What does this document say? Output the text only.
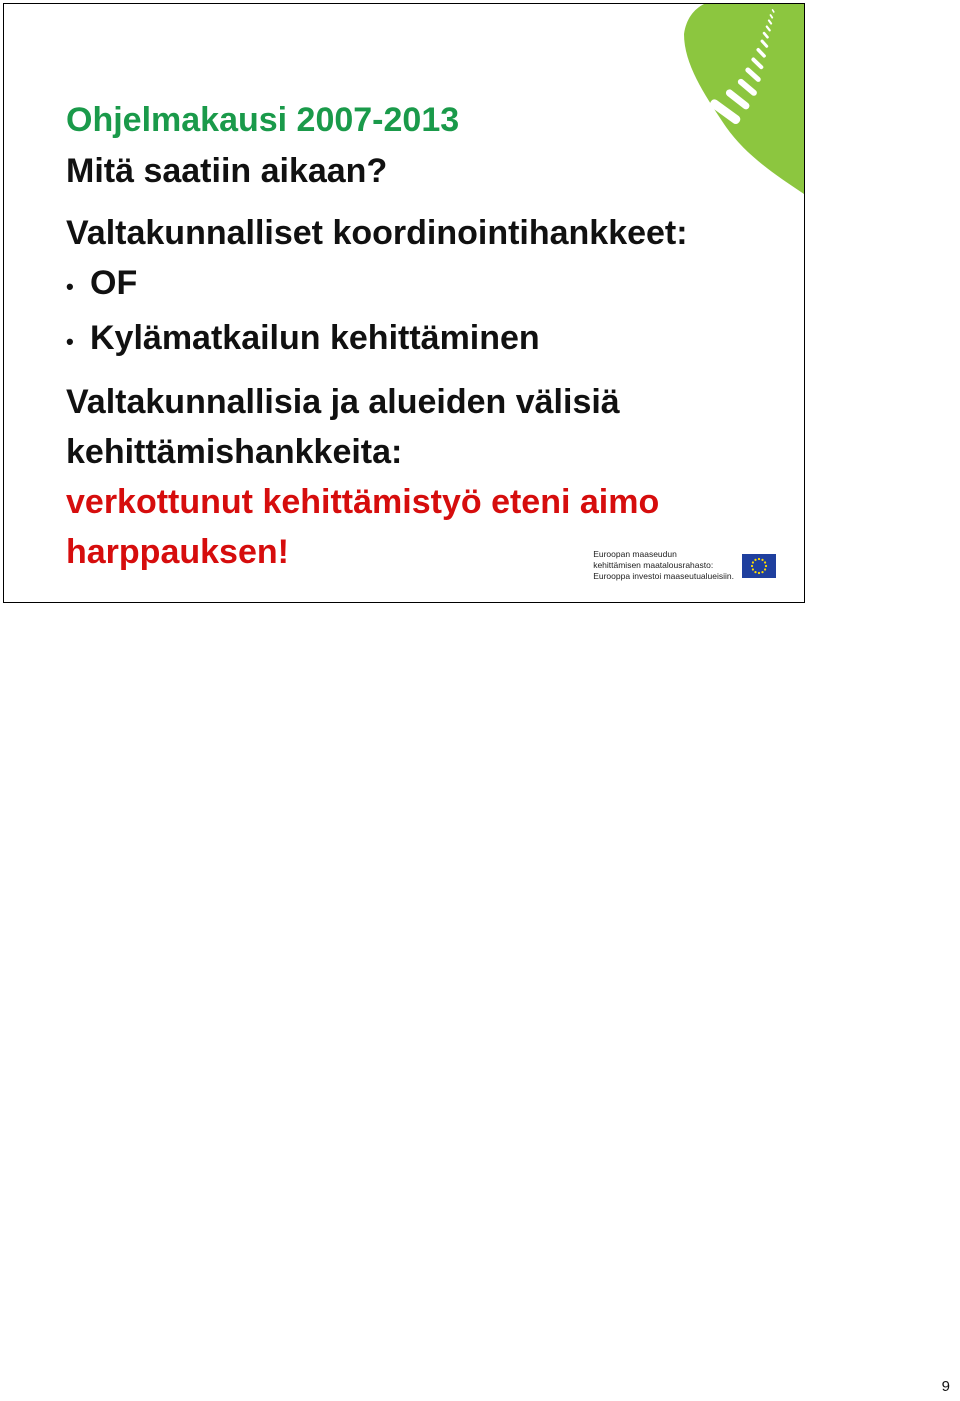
Ohjelmakausi 2007-2013
Mitä saatiin aikaan?
Valtakunnalliset koordinointihankkeet:
• OF
• Kylämatkailun kehittäminen
Valtakunnallisia ja alueiden välisiä
kehittämishankkeita:
verkottunut kehittämistyö eteni aimo
harppauksen!	Euroopan maaseudun
kehittämisen maatalousrahasto:
Eurooppa investoi maaseutualueisiin.
9
